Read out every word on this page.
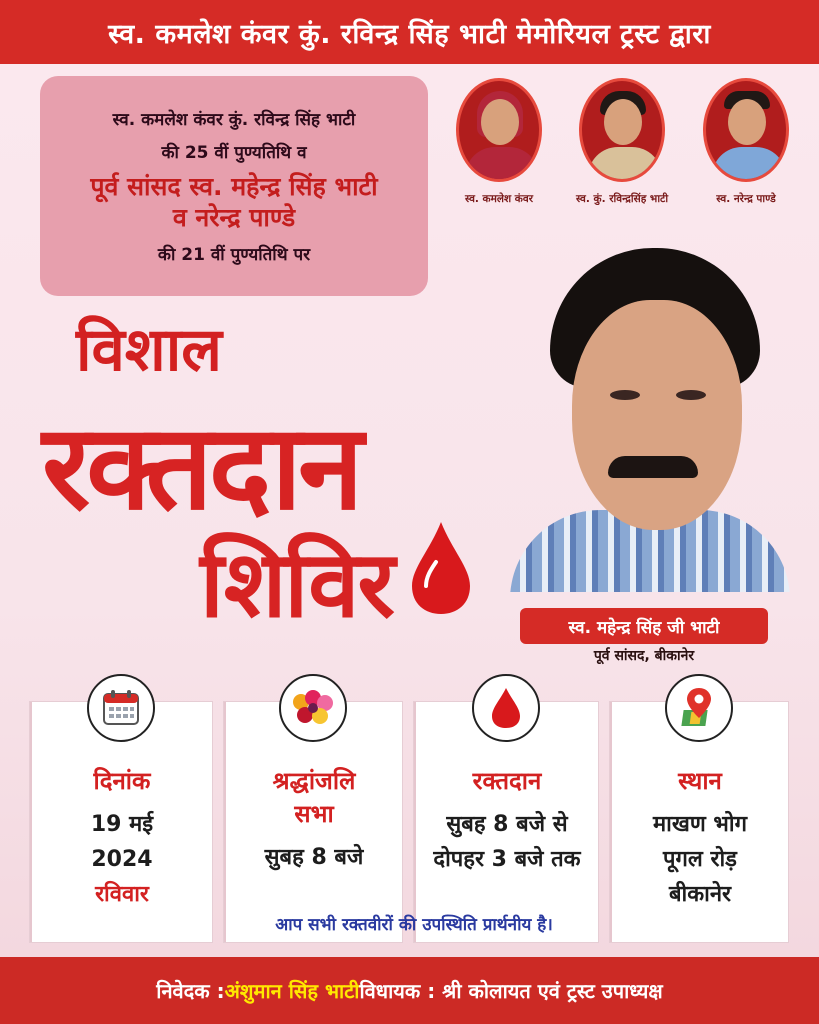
स्व. कमलेश कंवर कुं. रविन्द्र सिंह भाटी मेमोरियल ट्रस्ट द्वारा
स्व. कमलेश कंवर कुं. रविन्द्र सिंह भाटी
की 25 वीं पुण्यतिथि व
पूर्व सांसद स्व. महेन्द्र सिंह भाटी
व नरेन्द्र पाण्डे
की 21 वीं पुण्यतिथि पर
स्व. कमलेश कंवर	स्व. कुं. रविन्द्रसिंह भाटी	स्व. नरेन्द्र पाण्डे
विशाल
रक्तदान
शिविर	स्व. महेन्द्र सिंह जी भाटी
पूर्व सांसद, बीकानेर
दिनांक
19 मई
2024
रविवार
श्रद्धांजलि
सभा
सुबह 8 बजे
रक्तदान
सुबह 8 बजे से
दोपहर 3 बजे तक
स्थान
माखण भोग
पूगल रोड़
बीकानेर
आप सभी रक्तवीरों की उपस्थिति प्रार्थनीय है।
निवेदक : अंशुमान सिंह भाटी विधायक : श्री कोलायत एवं ट्रस्ट उपाध्यक्ष
